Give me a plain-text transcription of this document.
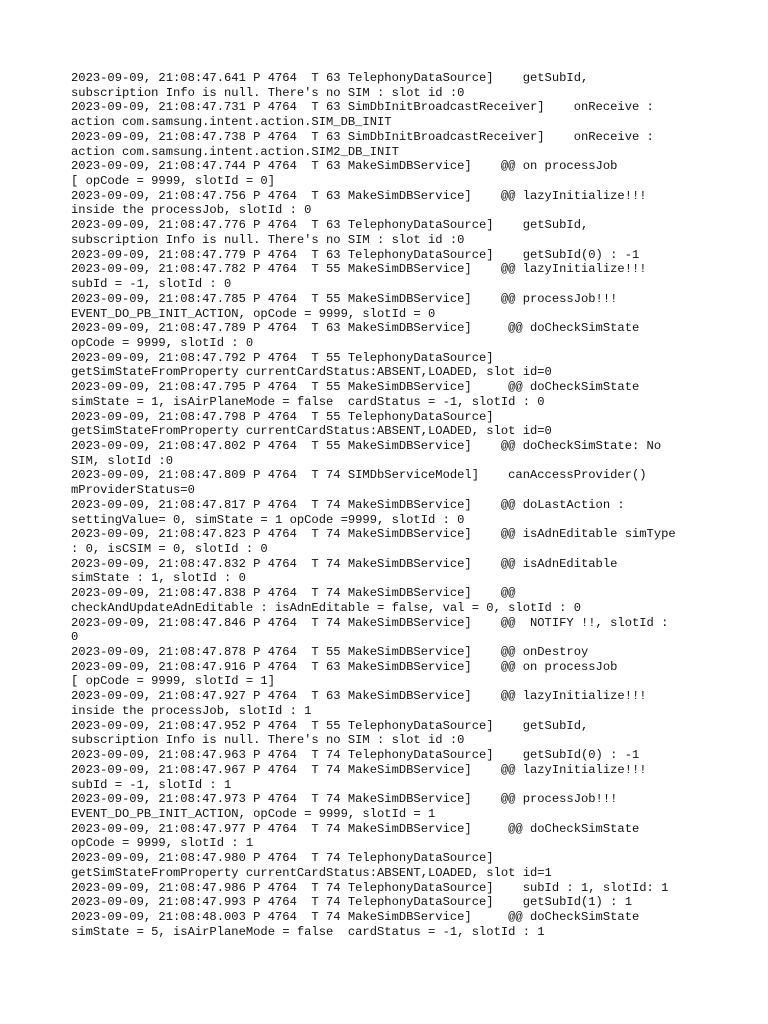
2023-09-09, 21:08:47.641 P 4764  T 63 TelephonyDataSource]    getSubId,
subscription Info is null. There's no SIM : slot id :0
2023-09-09, 21:08:47.731 P 4764  T 63 SimDbInitBroadcastReceiver]    onReceive :
action com.samsung.intent.action.SIM_DB_INIT
2023-09-09, 21:08:47.738 P 4764  T 63 SimDbInitBroadcastReceiver]    onReceive :
action com.samsung.intent.action.SIM2_DB_INIT
2023-09-09, 21:08:47.744 P 4764  T 63 MakeSimDBService]    @@ on processJob
[ opCode = 9999, slotId = 0]
2023-09-09, 21:08:47.756 P 4764  T 63 MakeSimDBService]    @@ lazyInitialize!!!
inside the processJob, slotId : 0
2023-09-09, 21:08:47.776 P 4764  T 63 TelephonyDataSource]    getSubId,
subscription Info is null. There's no SIM : slot id :0
2023-09-09, 21:08:47.779 P 4764  T 63 TelephonyDataSource]    getSubId(0) : -1
2023-09-09, 21:08:47.782 P 4764  T 55 MakeSimDBService]    @@ lazyInitialize!!!
subId = -1, slotId : 0
2023-09-09, 21:08:47.785 P 4764  T 55 MakeSimDBService]    @@ processJob!!!
EVENT_DO_PB_INIT_ACTION, opCode = 9999, slotId = 0
2023-09-09, 21:08:47.789 P 4764  T 63 MakeSimDBService]     @@ doCheckSimState
opCode = 9999, slotId : 0
2023-09-09, 21:08:47.792 P 4764  T 55 TelephonyDataSource]
getSimStateFromProperty currentCardStatus:ABSENT,LOADED, slot id=0
2023-09-09, 21:08:47.795 P 4764  T 55 MakeSimDBService]     @@ doCheckSimState
simState = 1, isAirPlaneMode = false  cardStatus = -1, slotId : 0
2023-09-09, 21:08:47.798 P 4764  T 55 TelephonyDataSource]
getSimStateFromProperty currentCardStatus:ABSENT,LOADED, slot id=0
2023-09-09, 21:08:47.802 P 4764  T 55 MakeSimDBService]    @@ doCheckSimState: No
SIM, slotId :0
2023-09-09, 21:08:47.809 P 4764  T 74 SIMDbServiceModel]    canAccessProvider()
mProviderStatus=0
2023-09-09, 21:08:47.817 P 4764  T 74 MakeSimDBService]    @@ doLastAction :
settingValue= 0, simState = 1 opCode =9999, slotId : 0
2023-09-09, 21:08:47.823 P 4764  T 74 MakeSimDBService]    @@ isAdnEditable simType
: 0, isCSIM = 0, slotId : 0
2023-09-09, 21:08:47.832 P 4764  T 74 MakeSimDBService]    @@ isAdnEditable
simState : 1, slotId : 0
2023-09-09, 21:08:47.838 P 4764  T 74 MakeSimDBService]    @@
checkAndUpdateAdnEditable : isAdnEditable = false, val = 0, slotId : 0
2023-09-09, 21:08:47.846 P 4764  T 74 MakeSimDBService]    @@  NOTIFY !!, slotId :
0
2023-09-09, 21:08:47.878 P 4764  T 55 MakeSimDBService]    @@ onDestroy
2023-09-09, 21:08:47.916 P 4764  T 63 MakeSimDBService]    @@ on processJob
[ opCode = 9999, slotId = 1]
2023-09-09, 21:08:47.927 P 4764  T 63 MakeSimDBService]    @@ lazyInitialize!!!
inside the processJob, slotId : 1
2023-09-09, 21:08:47.952 P 4764  T 55 TelephonyDataSource]    getSubId,
subscription Info is null. There's no SIM : slot id :0
2023-09-09, 21:08:47.963 P 4764  T 74 TelephonyDataSource]    getSubId(0) : -1
2023-09-09, 21:08:47.967 P 4764  T 74 MakeSimDBService]    @@ lazyInitialize!!!
subId = -1, slotId : 1
2023-09-09, 21:08:47.973 P 4764  T 74 MakeSimDBService]    @@ processJob!!!
EVENT_DO_PB_INIT_ACTION, opCode = 9999, slotId = 1
2023-09-09, 21:08:47.977 P 4764  T 74 MakeSimDBService]     @@ doCheckSimState
opCode = 9999, slotId : 1
2023-09-09, 21:08:47.980 P 4764  T 74 TelephonyDataSource]
getSimStateFromProperty currentCardStatus:ABSENT,LOADED, slot id=1
2023-09-09, 21:08:47.986 P 4764  T 74 TelephonyDataSource]    subId : 1, slotId: 1
2023-09-09, 21:08:47.993 P 4764  T 74 TelephonyDataSource]    getSubId(1) : 1
2023-09-09, 21:08:48.003 P 4764  T 74 MakeSimDBService]     @@ doCheckSimState
simState = 5, isAirPlaneMode = false  cardStatus = -1, slotId : 1
